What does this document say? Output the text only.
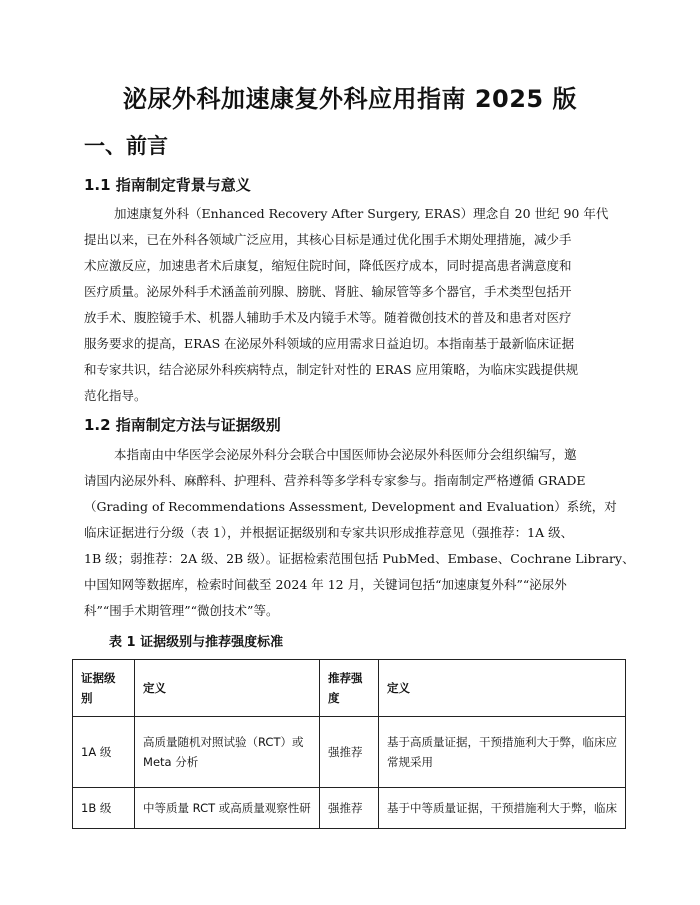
泌尿外科加速康复外科应用指南 2025 版
一、前言
1.1 指南制定背景与意义
加速康复外科（Enhanced Recovery After Surgery, ERAS）理念自 20 世纪 90 年代
提出以来，已在外科各领域广泛应用，其核心目标是通过优化围手术期处理措施，减少手
术应激反应，加速患者术后康复，缩短住院时间，降低医疗成本，同时提高患者满意度和
医疗质量。泌尿外科手术涵盖前列腺、膀胱、肾脏、输尿管等多个器官，手术类型包括开
放手术、腹腔镜手术、机器人辅助手术及内镜手术等。随着微创技术的普及和患者对医疗
服务要求的提高，ERAS 在泌尿外科领域的应用需求日益迫切。本指南基于最新临床证据
和专家共识，结合泌尿外科疾病特点，制定针对性的 ERAS 应用策略，为临床实践提供规
范化指导。
1.2 指南制定方法与证据级别
本指南由中华医学会泌尿外科分会联合中国医师协会泌尿外科医师分会组织编写，邀
请国内泌尿外科、麻醉科、护理科、营养科等多学科专家参与。指南制定严格遵循 GRADE
（Grading of Recommendations Assessment, Development and Evaluation）系统，对
临床证据进行分级（表 1），并根据证据级别和专家共识形成推荐意见（强推荐：1A 级、
1B 级；弱推荐：2A 级、2B 级）。证据检索范围包括 PubMed、Embase、Cochrane Library、
中国知网等数据库，检索时间截至 2024 年 12 月，关键词包括“加速康复外科”“泌尿外
科”“围手术期管理”“微创技术”等。
表 1 证据级别与推荐强度标准
证据级别	定义	推荐强度	定义
1A 级	高质量随机对照试验（RCT）或 Meta 分析	强推荐	基于高质量证据，干预措施利大于弊，临床应常规采用
1B 级	中等质量 RCT 或高质量观察性研	强推荐	基于中等质量证据，干预措施利大于弊，临床
